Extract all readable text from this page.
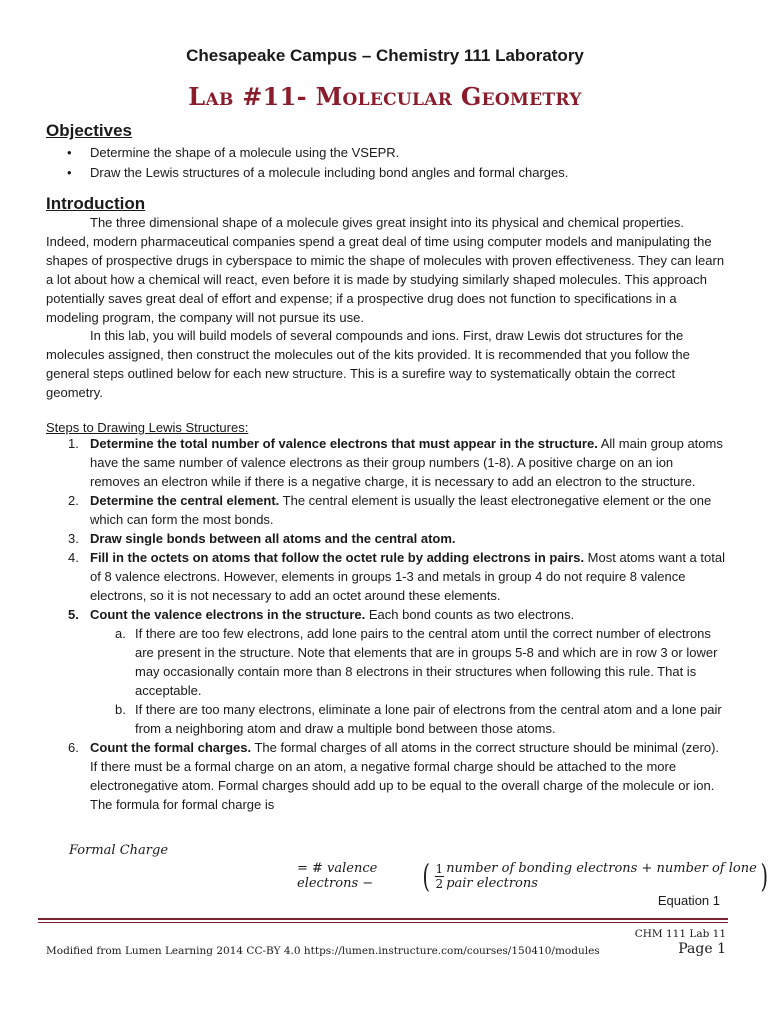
Chesapeake Campus – Chemistry 111 Laboratory
Lab #11- Molecular Geometry
Objectives
• Determine the shape of a molecule using the VSEPR.
• Draw the Lewis structures of a molecule including bond angles and formal charges.
Introduction
The three dimensional shape of a molecule gives great insight into its physical and chemical properties. Indeed, modern pharmaceutical companies spend a great deal of time using computer models and manipulating the shapes of prospective drugs in cyberspace to mimic the shape of molecules with proven effectiveness. They can learn a lot about how a chemical will react, even before it is made by studying similarly shaped molecules. This approach potentially saves great deal of effort and expense; if a prospective drug does not function to specifications in a modeling program, the company will not pursue its use.
In this lab, you will build models of several compounds and ions. First, draw Lewis dot structures for the molecules assigned, then construct the molecules out of the kits provided. It is recommended that you follow the general steps outlined below for each new structure. This is a surefire way to systematically obtain the correct geometry.
Steps to Drawing Lewis Structures:
1. Determine the total number of valence electrons that must appear in the structure. All main group atoms have the same number of valence electrons as their group numbers (1-8). A positive charge on an ion removes an electron while if there is a negative charge, it is necessary to add an electron to the structure.
2. Determine the central element. The central element is usually the least electronegative element or the one which can form the most bonds.
3. Draw single bonds between all atoms and the central atom.
4. Fill in the octets on atoms that follow the octet rule by adding electrons in pairs. Most atoms want a total of 8 valence electrons. However, elements in groups 1-3 and metals in group 4 do not require 8 valence electrons, so it is not necessary to add an octet around these elements.
5. Count the valence electrons in the structure. Each bond counts as two electrons.
a. If there are too few electrons, add lone pairs to the central atom until the correct number of electrons are present in the structure. Note that elements that are in groups 5-8 and which are in row 3 or lower may occasionally contain more than 8 electrons in their structures when following this rule. That is acceptable.
b. If there are too many electrons, eliminate a lone pair of electrons from the central atom and a lone pair from a neighboring atom and draw a multiple bond between those atoms.
6. Count the formal charges. The formal charges of all atoms in the correct structure should be minimal (zero). If there must be a formal charge on an atom, a negative formal charge should be attached to the more electronegative atom. Formal charges should add up to be equal to the overall charge of the molecule or ion. The formula for formal charge is
Formal Charge
= # valence electrons −	( $\frac{1}{2}$ number of bonding electrons + number of lone pair electrons	)
Equation 1
CHM 111 Lab 11
Modified from Lumen Learning 2014 CC-BY 4.0 https://lumen.instructure.com/courses/150410/modules	Page 1
